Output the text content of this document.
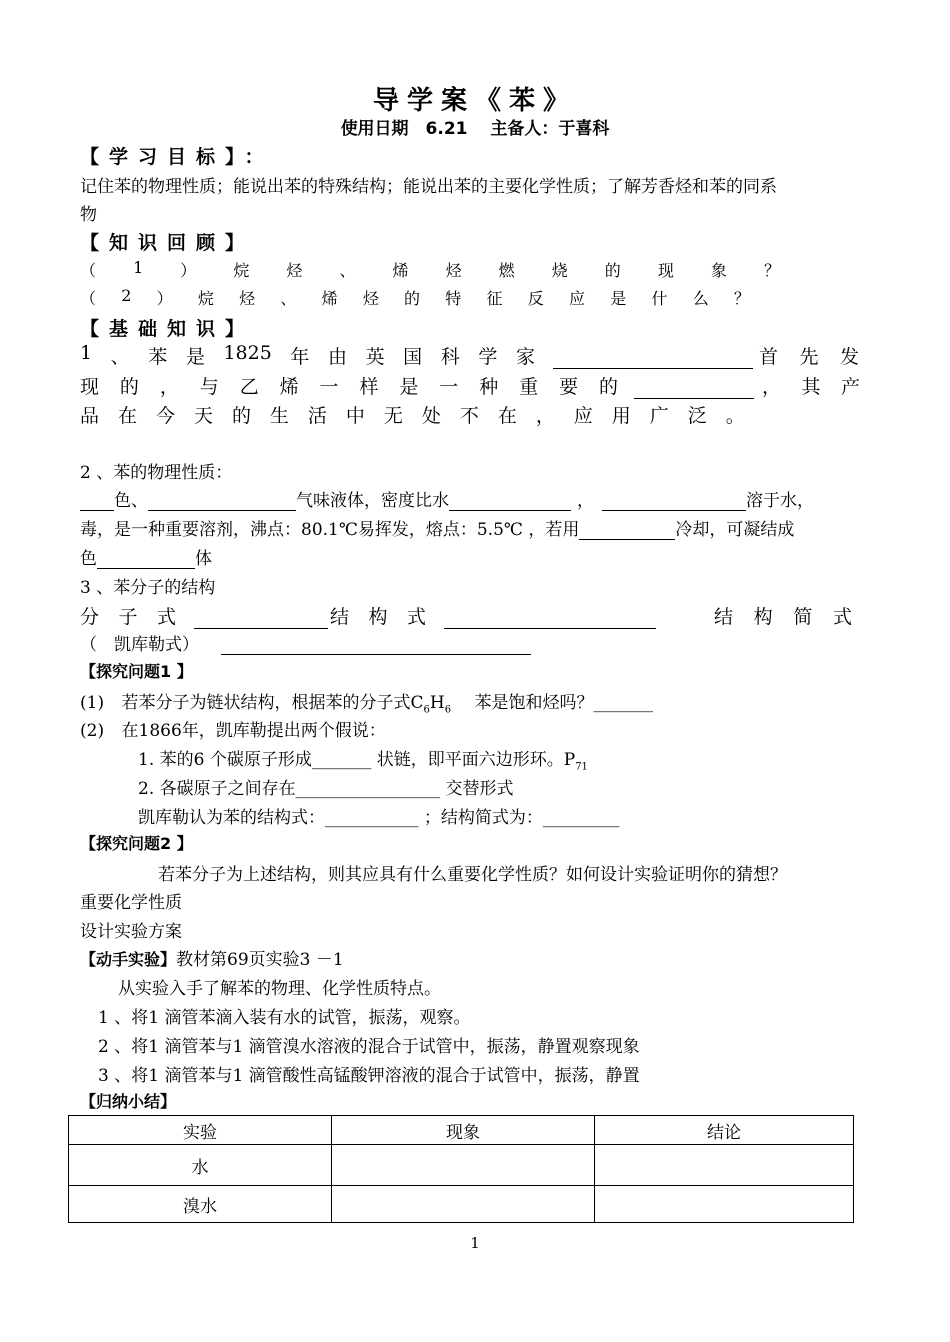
导学案《苯》
使用日期　6.21　 主备人：于喜科
【学习目标】：
记住苯的物理性质；能说出苯的特殊结构；能说出苯的主要化学性质；了解芳香烃和苯的同系
物
【知识回顾】
（ 1 ） 烷 烃 、 烯 烃 燃 烧 的 现 象 ？
（ 2 ） 烷 烃 、 烯 烃 的 特 征 反 应 是 什 么 ？
【基础知识】
1 、 苯 是 1825 年 由 英 国 科 学 家	首 先 发
现 的 ， 与 乙 烯 一 样 是 一 种 重 要 的	， 其 产
品 在 今 天 的 生 活 中 无 处 不 在 ， 应 用 广 泛 。
2 、苯的物理性质：
色、	气味液体，密度比水	，	溶于水，
毒，是一种重要溶剂，沸点：80.1℃易挥发，熔点：5.5℃ ，若用	冷却，可凝结成
色	体
3 、苯分子的结构
分 子 式	结 构 式	结 构 简 式
（　凯库勒式）
【探究问题1 】
(1) 若苯分子为链状结构，根据苯的分子式$C_6H_6$ 苯是饱和烃吗？_______
(2) 在1866年，凯库勒提出两个假说：
1. 苯的6 个碳原子形成_______ 状链，即平面六边形环。$P_{71}$
2. 各碳原子之间存在_________________ 交替形式
凯库勒认为苯的结构式：___________ ；结构简式为：_________
【探究问题2 】
若苯分子为上述结构，则其应具有什么重要化学性质？如何设计实验证明你的猜想？
重要化学性质
设计实验方案
【动手实验】教材第69页实验3 －1
从实验入手了解苯的物理、化学性质特点。
1 、将1 滴管苯滴入装有水的试管，振荡，观察。
2 、将1 滴管苯与1 滴管溴水溶液的混合于试管中，振荡，静置观察现象
3 、将1 滴管苯与1 滴管酸性高锰酸钾溶液的混合于试管中，振荡，静置
【归纳小结】
实验	现象	结论
水		
溴水		
1
